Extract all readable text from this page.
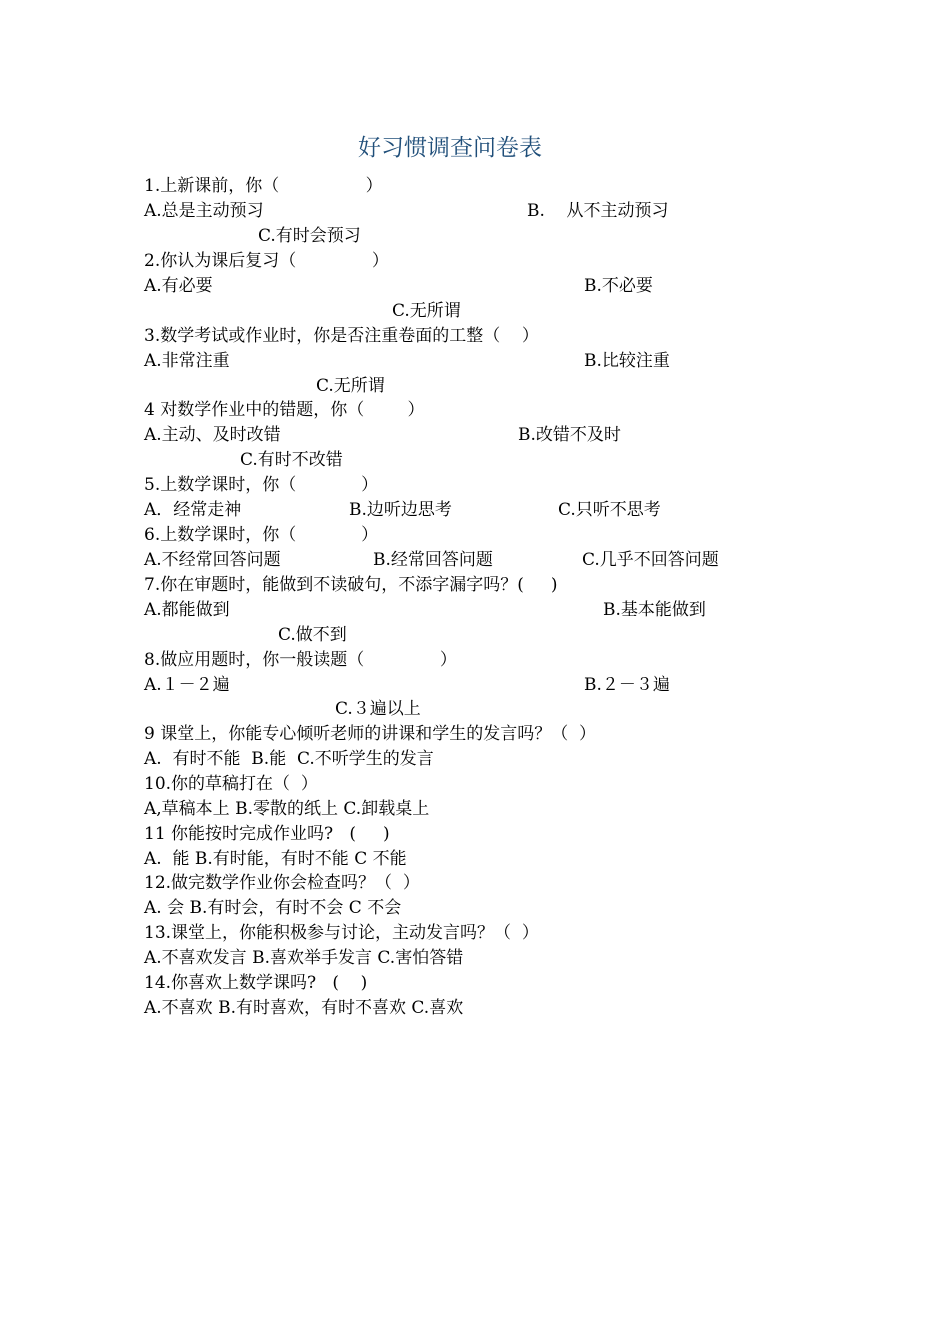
好习惯调查问卷表
1.上新课前，你（                ）
A.总是主动预习	B.    从不主动预习
C.有时会预习
2.你认为课后复习（              ）
A.有必要	B.不必要
C.无所谓
3.数学考试或作业时，你是否注重卷面的工整（    ）
A.非常注重	B.比较注重
C.无所谓
4 对数学作业中的错题，你（        ）
A.主动、及时改错	B.改错不及时
C.有时不改错
5.上数学课时，你（            ）
A．经常走神	B.边听边思考	C.只听不思考
6.上数学课时，你（            ）
A.不经常回答问题	B.经常回答问题	C.几乎不回答问题
7.你在审题时，能做到不读破句，不添字漏字吗？(     )
A.都能做到	B.基本能做到
C.做不到
8.做应用题时，你一般读题（              ）
A.１－２遍	B.２－３遍
C.３遍以上
9 课堂上，你能专心倾听老师的讲课和学生的发言吗？（  ）
A.  有时不能  B.能  C.不听学生的发言
10.你的草稿打在（  ）
A,草稿本上 B.零散的纸上 C.卸载桌上
11 你能按时完成作业吗?   (     )
A.  能 B.有时能，有时不能 C 不能
12.做完数学作业你会检查吗？（  ）
A. 会 B.有时会，有时不会 C 不会
13.课堂上，你能积极参与讨论，主动发言吗？（  ）
A.不喜欢发言 B.喜欢举手发言 C.害怕答错
14.你喜欢上数学课吗?   (    )
A.不喜欢 B.有时喜欢，有时不喜欢 C.喜欢
